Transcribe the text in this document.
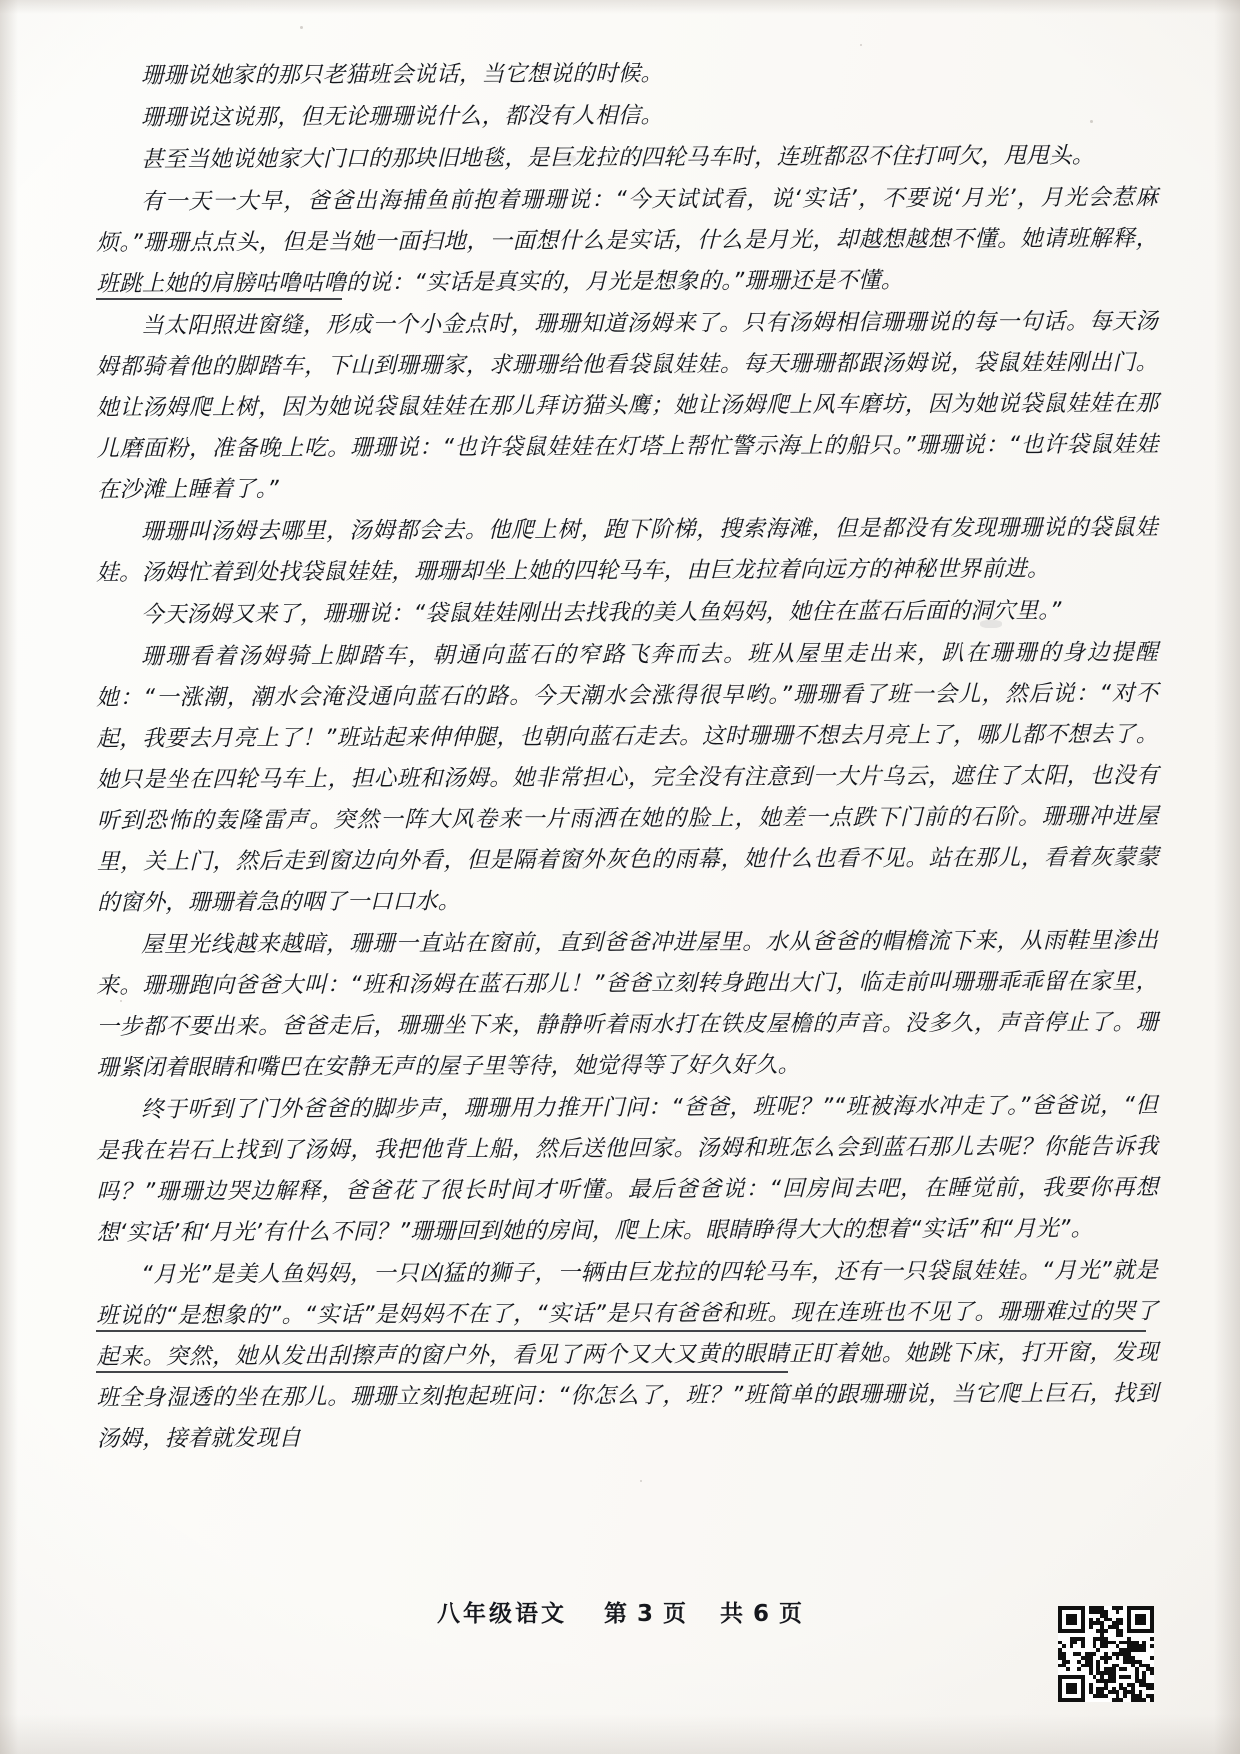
珊珊说她家的那只老猫班会说话，当它想说的时候。

珊珊说这说那，但无论珊珊说什么，都没有人相信。

甚至当她说她家大门口的那块旧地毯，是巨龙拉的四轮马车时，连班都忍不住打呵欠，甩甩头。

有一天一大早，爸爸出海捕鱼前抱着珊珊说：“今天试试看，说‘实话’，不要说‘月光’，月光会惹麻烦。”珊珊点点头，但是当她一面扫地，一面想什么是实话，什么是月光，却越想越想不懂。她请班解释，班跳上她的肩膀咕噜咕噜的说：“实话是真实的，月光是想象的。”珊珊还是不懂。

当太阳照进窗缝，形成一个小金点时，珊珊知道汤姆来了。只有汤姆相信珊珊说的每一句话。每天汤姆都骑着他的脚踏车，下山到珊珊家，求珊珊给他看袋鼠娃娃。每天珊珊都跟汤姆说，袋鼠娃娃刚出门。她让汤姆爬上树，因为她说袋鼠娃娃在那儿拜访猫头鹰；她让汤姆爬上风车磨坊，因为她说袋鼠娃娃在那儿磨面粉，准备晚上吃。珊珊说：“也许袋鼠娃娃在灯塔上帮忙警示海上的船只。”珊珊说：“也许袋鼠娃娃在沙滩上睡着了。”

珊珊叫汤姆去哪里，汤姆都会去。他爬上树，跑下阶梯，搜索海滩，但是都没有发现珊珊说的袋鼠娃娃。汤姆忙着到处找袋鼠娃娃，珊珊却坐上她的四轮马车，由巨龙拉着向远方的神秘世界前进。

今天汤姆又来了，珊珊说：“袋鼠娃娃刚出去找我的美人鱼妈妈，她住在蓝石后面的洞穴里。”

珊珊看着汤姆骑上脚踏车，朝通向蓝石的窄路飞奔而去。班从屋里走出来，趴在珊珊的身边提醒她：“一涨潮，潮水会淹没通向蓝石的路。今天潮水会涨得很早哟。”珊珊看了班一会儿，然后说：“对不起，我要去月亮上了！”班站起来伸伸腿，也朝向蓝石走去。这时珊珊不想去月亮上了，哪儿都不想去了。她只是坐在四轮马车上，担心班和汤姆。她非常担心，完全没有注意到一大片乌云，遮住了太阳，也没有听到恐怖的轰隆雷声。突然一阵大风卷来一片雨洒在她的脸上，她差一点跌下门前的石阶。珊珊冲进屋里，关上门，然后走到窗边向外看，但是隔着窗外灰色的雨幕，她什么也看不见。站在那儿，看着灰蒙蒙的窗外，珊珊着急的咽了一口口水。

屋里光线越来越暗，珊珊一直站在窗前，直到爸爸冲进屋里。水从爸爸的帽檐流下来，从雨鞋里渗出来。珊珊跑向爸爸大叫：“班和汤姆在蓝石那儿！”爸爸立刻转身跑出大门，临走前叫珊珊乖乖留在家里，一步都不要出来。爸爸走后，珊珊坐下来，静静听着雨水打在铁皮屋檐的声音。没多久，声音停止了。珊珊紧闭着眼睛和嘴巴在安静无声的屋子里等待，她觉得等了好久好久。

终于听到了门外爸爸的脚步声，珊珊用力推开门问：“爸爸，班呢？”“班被海水冲走了。”爸爸说，“但是我在岩石上找到了汤姆，我把他背上船，然后送他回家。汤姆和班怎么会到蓝石那儿去呢？你能告诉我吗？”珊珊边哭边解释，爸爸花了很长时间才听懂。最后爸爸说：“回房间去吧，在睡觉前，我要你再想想‘实话’和‘月光’有什么不同？”珊珊回到她的房间，爬上床。眼睛睁得大大的想着“实话”和“月光”。

“月光”是美人鱼妈妈，一只凶猛的狮子，一辆由巨龙拉的四轮马车，还有一只袋鼠娃娃。“月光”就是班说的“是想象的”。“实话”是妈妈不在了，“实话”是只有爸爸和班。现在连班也不见了。珊珊难过的哭了起来。突然，她从发出刮擦声的窗户外，看见了两个又大又黄的眼睛正盯着她。她跳下床，打开窗，发现班全身湿透的坐在那儿。珊珊立刻抱起班问：“你怎么了，班？”班简单的跟珊珊说，当它爬上巨石，找到汤姆，接着就发现自

八年级语文 第 3 页 共 6 页
